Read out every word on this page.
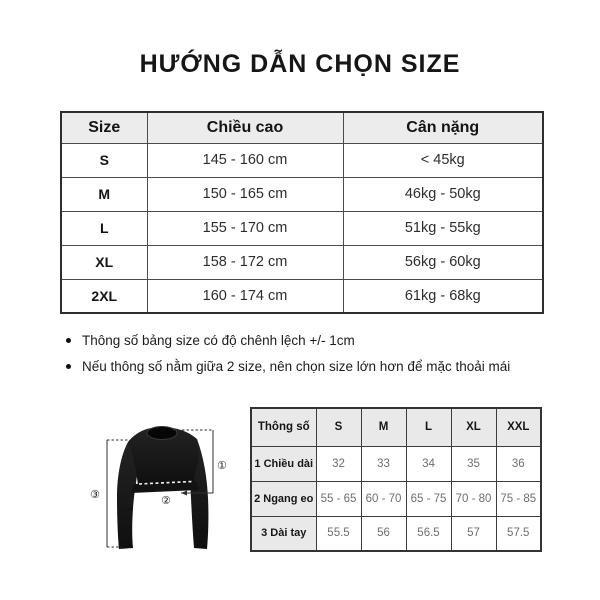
HƯỚNG DẪN CHỌN SIZE
Size	Chiều cao	Cân nặng
S	145 - 160 cm	< 45kg
M	150 - 165 cm	46kg - 50kg
L	155 - 170 cm	51kg - 55kg
XL	158 - 172 cm	56kg - 60kg
2XL	160 - 174 cm	61kg - 68kg
Thông số bảng size có độ chênh lệch +/- 1cm
Nếu thông số nằm giữa 2 size, nên chọn size lớn hơn để mặc thoải mái
①
③	②
Thông số	S	M	L	XL	XXL
1 Chiều dài	32	33	34	35	36
2 Ngang eo	55 - 65	60 - 70	65 - 75	70 - 80	75 - 85
3 Dài tay	55.5	56	56.5	57	57.5
